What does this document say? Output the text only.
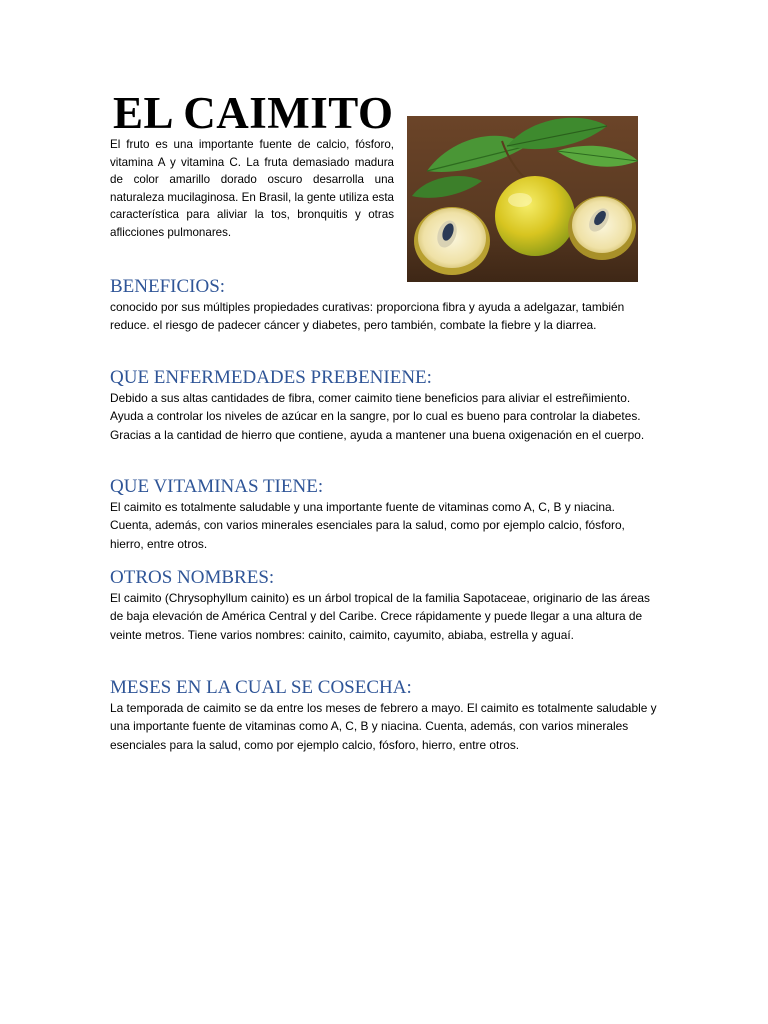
EL CAIMITO

El fruto es una importante fuente de calcio, fósforo, vitamina A y vitamina C. La fruta demasiado madura de color amarillo dorado oscuro desarrolla una naturaleza mucilaginosa. En Brasil, la gente utiliza esta característica para aliviar la tos, bronquitis y otras aflicciones pulmonares.

BENEFICIOS:

conocido por sus múltiples propiedades curativas: proporciona fibra y ayuda a adelgazar, también reduce. el riesgo de padecer cáncer y diabetes, pero también, combate la fiebre y la diarrea.

QUE ENFERMEDADES PREBENIENE:

Debido a sus altas cantidades de fibra, comer caimito tiene beneficios para aliviar el estreñimiento. Ayuda a controlar los niveles de azúcar en la sangre, por lo cual es bueno para controlar la diabetes. Gracias a la cantidad de hierro que contiene, ayuda a mantener una buena oxigenación en el cuerpo.

QUE VITAMINAS TIENE:

El caimito es totalmente saludable y una importante fuente de vitaminas como A, C, B y niacina. Cuenta, además, con varios minerales esenciales para la salud, como por ejemplo calcio, fósforo, hierro, entre otros.

OTROS NOMBRES:

El caimito (Chrysophyllum cainito) es un árbol tropical de la familia Sapotaceae, originario de las áreas de baja elevación de América Central y del Caribe. Crece rápidamente y puede llegar a una altura de veinte metros. Tiene varios nombres: cainito, caimito, cayumito, abiaba, estrella y aguaí.

MESES EN LA CUAL SE COSECHA:

La temporada de caimito se da entre los meses de febrero a mayo. El caimito es totalmente saludable y una importante fuente de vitaminas como A, C, B y niacina. Cuenta, además, con varios minerales esenciales para la salud, como por ejemplo calcio, fósforo, hierro, entre otros.
